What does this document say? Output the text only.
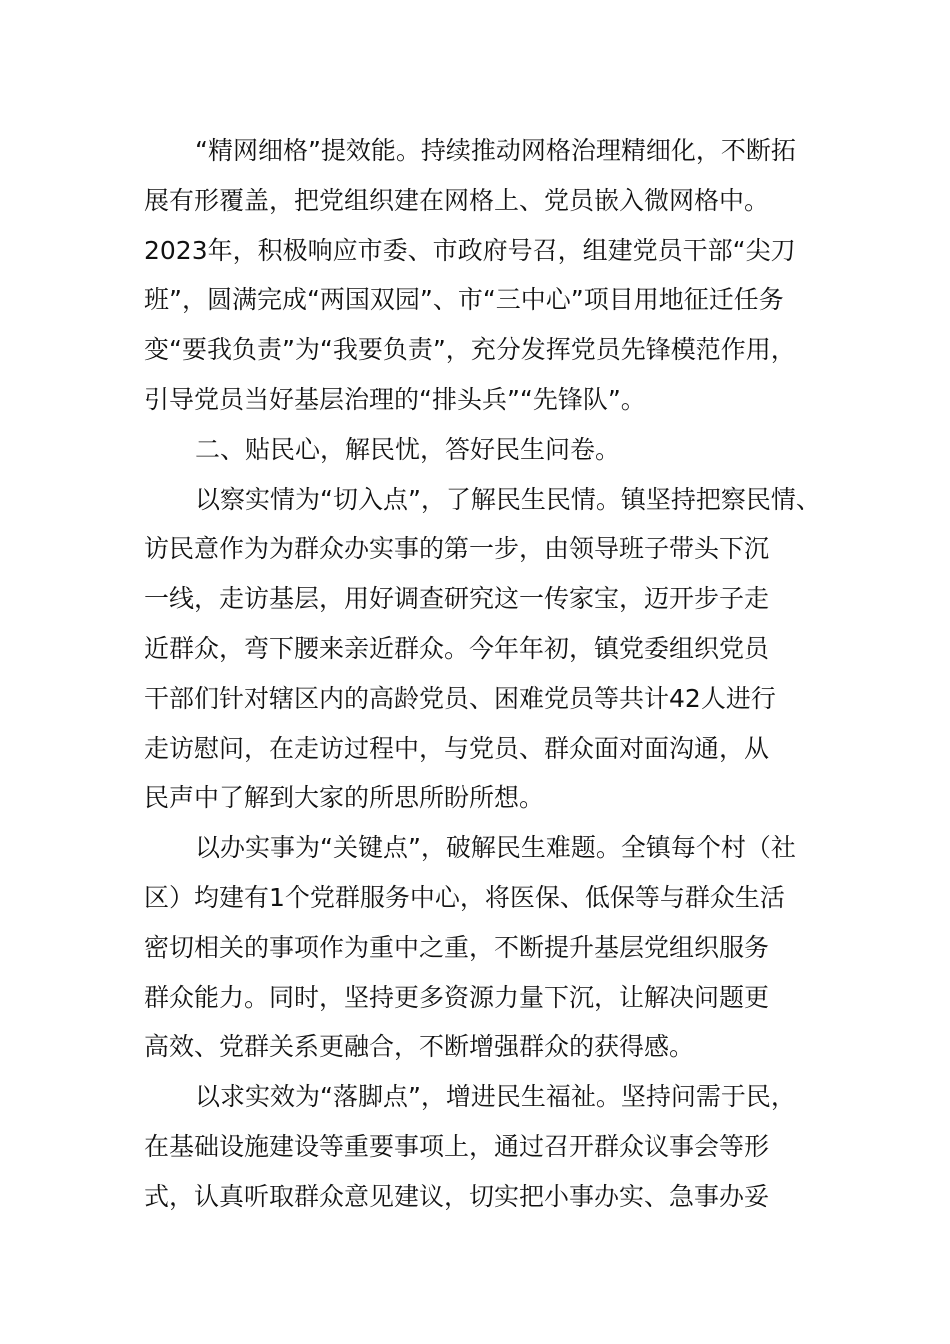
“精网细格”提效能。持续推动网格治理精细化，不断拓
展有形覆盖，把党组织建在网格上、党员嵌入微网格中。
2023年，积极响应市委、市政府号召，组建党员干部“尖刀
班”，圆满完成“两国双园”、市“三中心”项目用地征迁任务
变“要我负责”为“我要负责”，充分发挥党员先锋模范作用，
引导党员当好基层治理的“排头兵”“先锋队”。
二、贴民心，解民忧，答好民生问卷。
以察实情为“切入点”，了解民生民情。镇坚持把察民情、
访民意作为为群众办实事的第一步，由领导班子带头下沉
一线，走访基层，用好调查研究这一传家宝，迈开步子走
近群众，弯下腰来亲近群众。今年年初，镇党委组织党员
干部们针对辖区内的高龄党员、困难党员等共计42人进行
走访慰问，在走访过程中，与党员、群众面对面沟通，从
民声中了解到大家的所思所盼所想。
以办实事为“关键点”，破解民生难题。全镇每个村（社
区）均建有1个党群服务中心，将医保、低保等与群众生活
密切相关的事项作为重中之重，不断提升基层党组织服务
群众能力。同时，坚持更多资源力量下沉，让解决问题更
高效、党群关系更融合，不断增强群众的获得感。
以求实效为“落脚点”，增进民生福祉。坚持问需于民，
在基础设施建设等重要事项上，通过召开群众议事会等形
式，认真听取群众意见建议，切实把小事办实、急事办妥
